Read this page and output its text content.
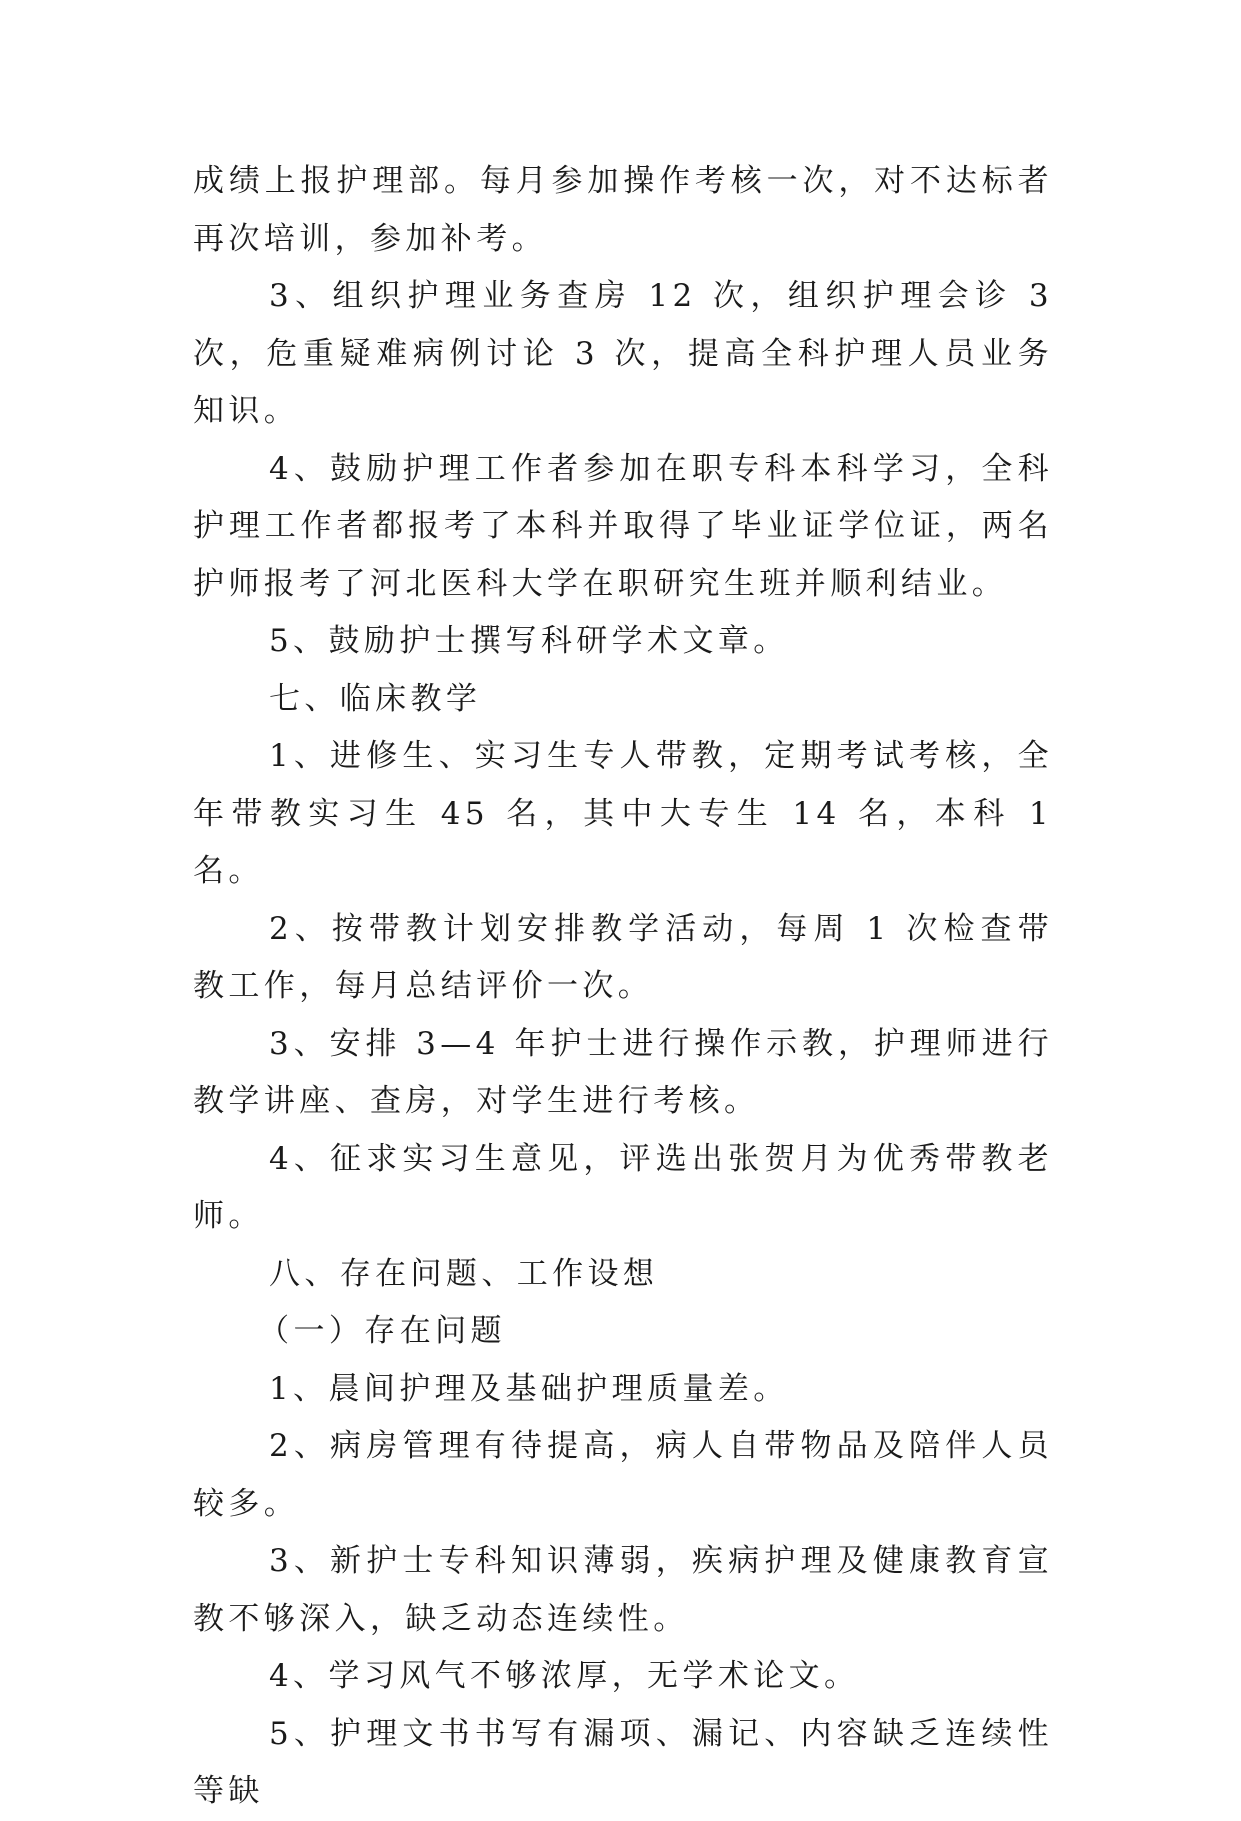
成绩上报护理部。每月参加操作考核一次，对不达标者再次培训，参加补考。

3、组织护理业务查房 12 次，组织护理会诊 3 次，危重疑难病例讨论 3 次，提高全科护理人员业务知识。

4、鼓励护理工作者参加在职专科本科学习，全科护理工作者都报考了本科并取得了毕业证学位证，两名护师报考了河北医科大学在职研究生班并顺利结业。

5、鼓励护士撰写科研学术文章。

七、临床教学

1、进修生、实习生专人带教，定期考试考核，全年带教实习生 45 名，其中大专生 14 名，本科 1 名。

2、按带教计划安排教学活动，每周 1 次检查带教工作，每月总结评价一次。

3、安排 3—4 年护士进行操作示教，护理师进行教学讲座、查房，对学生进行考核。

4、征求实习生意见，评选出张贺月为优秀带教老师。

八、存在问题、工作设想

（一）存在问题

1、晨间护理及基础护理质量差。

2、病房管理有待提高，病人自带物品及陪伴人员较多。

3、新护士专科知识薄弱，疾病护理及健康教育宣教不够深入，缺乏动态连续性。

4、学习风气不够浓厚，无学术论文。

5、护理文书书写有漏项、漏记、内容缺乏连续性等缺
